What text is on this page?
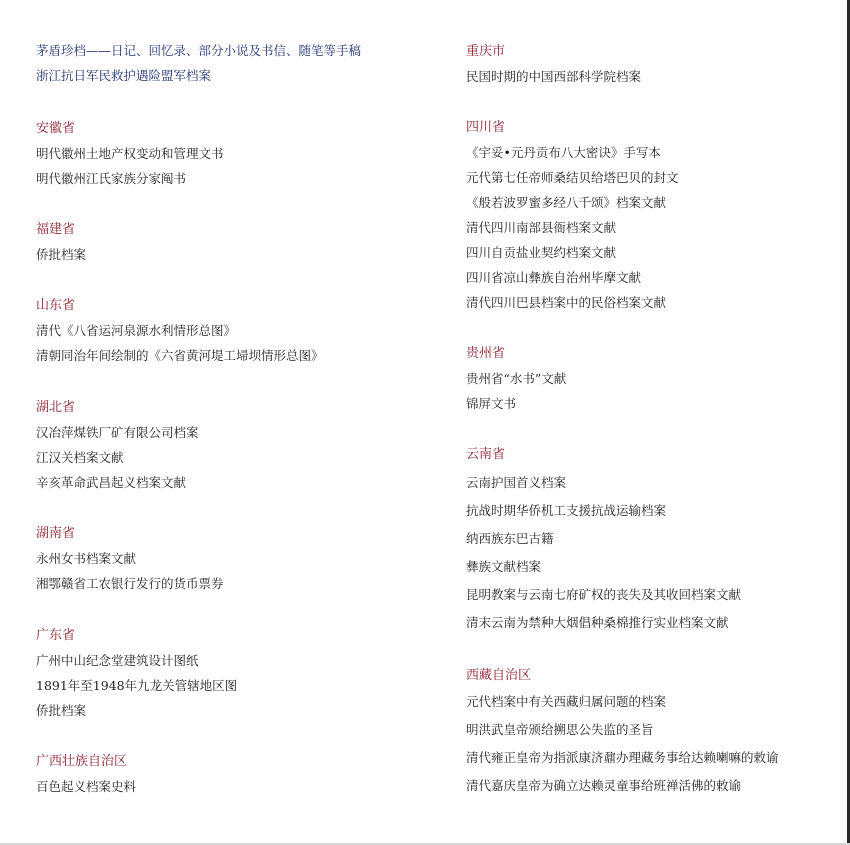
茅盾珍档——日记、回忆录、部分小说及书信、随笔等手稿
浙江抗日军民救护遇险盟军档案
安徽省
明代徽州土地产权变动和管理文书
明代徽州江氏家族分家阄书
福建省
侨批档案
山东省
清代《八省运河泉源水利情形总图》
清朝同治年间绘制的《六省黄河堤工埽坝情形总图》
湖北省
汉冶萍煤铁厂矿有限公司档案
江汉关档案文献
辛亥革命武昌起义档案文献
湖南省
永州女书档案文献
湘鄂赣省工农银行发行的货币票券
广东省
广州中山纪念堂建筑设计图纸
1891年至1948年九龙关管辖地区图
侨批档案
广西壮族自治区
百色起义档案史料
重庆市
民国时期的中国西部科学院档案
四川省
《宇妥•元丹贡布八大密诀》手写本
元代第七任帝师桑结贝给塔巴贝的封文
《般若波罗蜜多经八千颂》档案文献
清代四川南部县衙档案文献
四川自贡盐业契约档案文献
四川省凉山彝族自治州毕摩文献
清代四川巴县档案中的民俗档案文献
贵州省
贵州省“水书”文献
锦屏文书
云南省
云南护国首义档案
抗战时期华侨机工支援抗战运输档案
纳西族东巴古籍
彝族文献档案
昆明教案与云南七府矿权的丧失及其收回档案文献
清末云南为禁种大烟倡种桑棉推行实业档案文献
西藏自治区
元代档案中有关西藏归属问题的档案
明洪武皇帝颁给搠思公失监的圣旨
清代雍正皇帝为指派康济鼐办理藏务事给达赖喇嘛的敕谕
清代嘉庆皇帝为确立达赖灵童事给班禅活佛的敕谕
